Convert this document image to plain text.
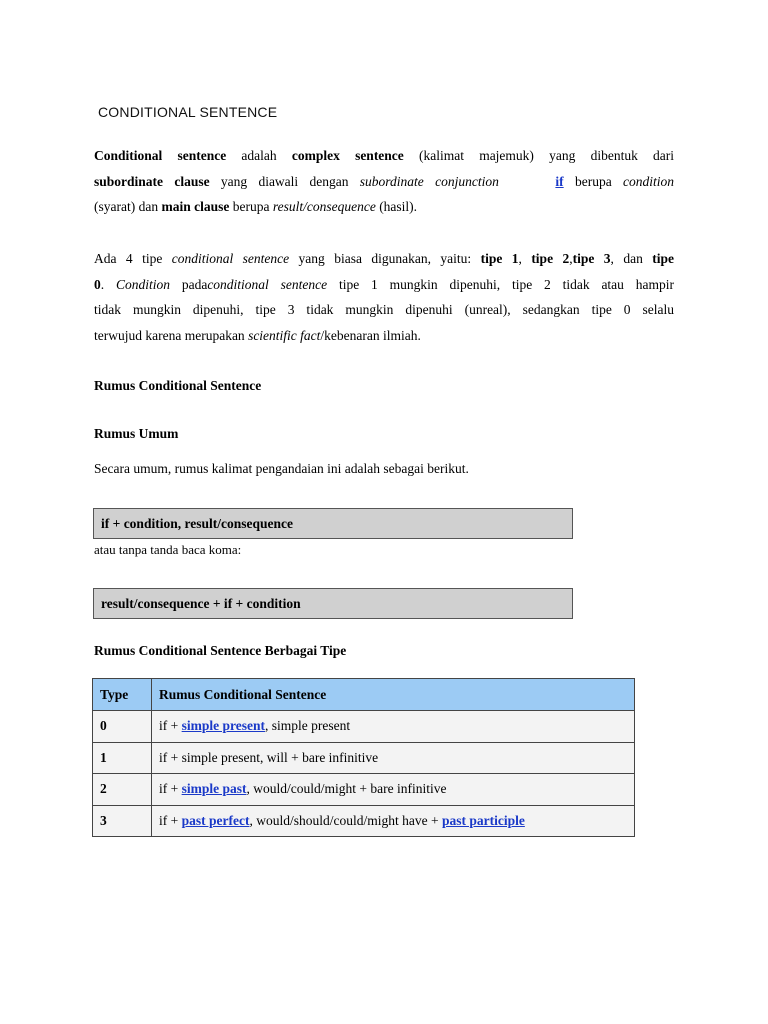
CONDITIONAL SENTENCE
Conditional sentence adalah complex sentence (kalimat majemuk) yang dibentuk dari
subordinate clause yang diawali dengan subordinate conjunction	if berupa condition
(syarat) dan main clause berupa result/consequence (hasil).
Ada 4 tipe conditional sentence yang biasa digunakan, yaitu: tipe 1, tipe 2,tipe 3, dan tipe
0. Condition padaconditional sentence tipe 1 mungkin dipenuhi, tipe 2 tidak atau hampir
tidak mungkin dipenuhi, tipe 3 tidak mungkin dipenuhi (unreal), sedangkan tipe 0 selalu
terwujud karena merupakan scientific fact/kebenaran ilmiah.
Rumus Conditional Sentence
Rumus Umum
Secara umum, rumus kalimat pengandaian ini adalah sebagai berikut.
if + condition, result/consequence
atau tanpa tanda baca koma:
result/consequence + if + condition
Rumus Conditional Sentence Berbagai Tipe
Type	Rumus Conditional Sentence
0	if + simple present, simple present
1	if + simple present, will + bare infinitive
2	if + simple past, would/could/might + bare infinitive
3	if + past perfect, would/should/could/might have + past participle
